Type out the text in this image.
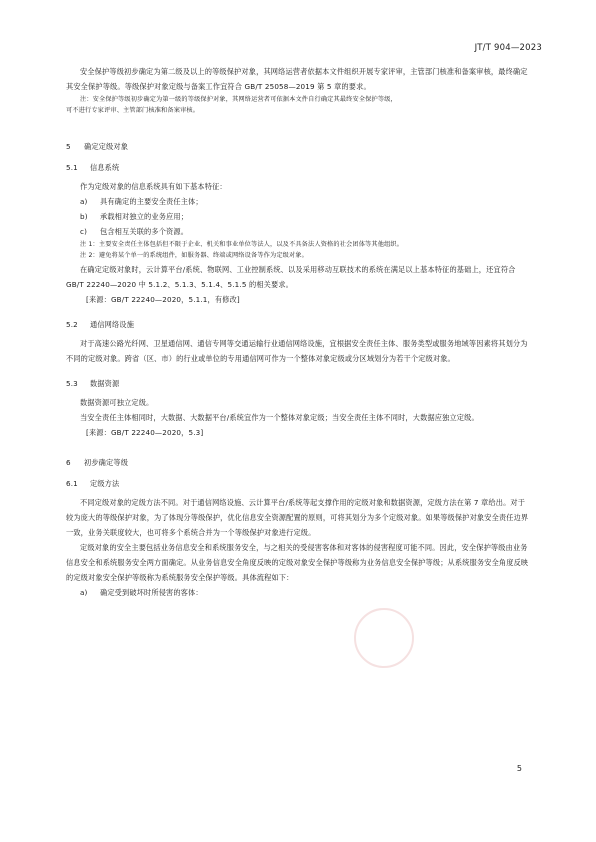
JT/T 904—2023

安全保护等级初步确定为第二级及以上的等级保护对象，其网络运营者依据本文件组织开展专家评审，主管部门核准和备案审核，最终确定其安全保护等级。等级保护对象定级与备案工作宜符合 GB/T 25058—2019 第 5 章的要求。

注：安全保护等级初步确定为第一级的等级保护对象，其网络运营者可依据本文件自行确定其最终安全保护等级，

可不进行专家评审、主管部门核准和备案审核。

5 确定定级对象

5.1 信息系统

作为定级对象的信息系统具有如下基本特征：

a) 具有确定的主要安全责任主体；

b) 承载相对独立的业务应用；

c) 包含相互关联的多个资源。

注 1：主要安全责任主体包括但不限于企业、机关和事业单位等法人，以及不具备法人资格的社会团体等其他组织。

注 2：避免将某个单一的系统组件，如服务器、终端或网络设备等作为定级对象。

在确定定级对象时，云计算平台/系统、物联网、工业控制系统、以及采用移动互联技术的系统在满足以上基本特征的基础上，还宜符合 GB/T 22240—2020 中 5.1.2、5.1.3、5.1.4、5.1.5 的相关要求。

[来源：GB/T 22240—2020，5.1.1，有修改]

5.2 通信网络设施

对于高速公路光纤网、卫星通信网、通信专网等交通运输行业通信网络设施，宜根据安全责任主体、服务类型或服务地域等因素将其划分为不同的定级对象。跨省（区、市）的行业或单位的专用通信网可作为一个整体对象定级或分区域划分为若干个定级对象。

5.3 数据资源

数据资源可独立定级。

当安全责任主体相同时，大数据、大数据平台/系统宜作为一个整体对象定级；当安全责任主体不同时，大数据应独立定级。

[来源：GB/T 22240—2020，5.3]

6 初步确定等级

6.1 定级方法

不同定级对象的定级方法不同。对于通信网络设施、云计算平台/系统等起支撑作用的定级对象和数据资源，定级方法在第 7 章给出。对于较为庞大的等级保护对象，为了体现分等级保护，优化信息安全资源配置的原则，可将其划分为多个定级对象。如果等级保护对象安全责任边界一致，业务关联度较大，也可将多个系统合并为一个等级保护对象进行定级。

定级对象的安全主要包括业务信息安全和系统服务安全，与之相关的受侵害客体和对客体的侵害程度可能不同。因此，安全保护等级由业务信息安全和系统服务安全两方面确定。从业务信息安全角度反映的定级对象安全保护等级称为业务信息安全保护等级；从系统服务安全角度反映的定级对象安全保护等级称为系统服务安全保护等级。具体流程如下：

a) 确定受到破坏时所侵害的客体：

5
